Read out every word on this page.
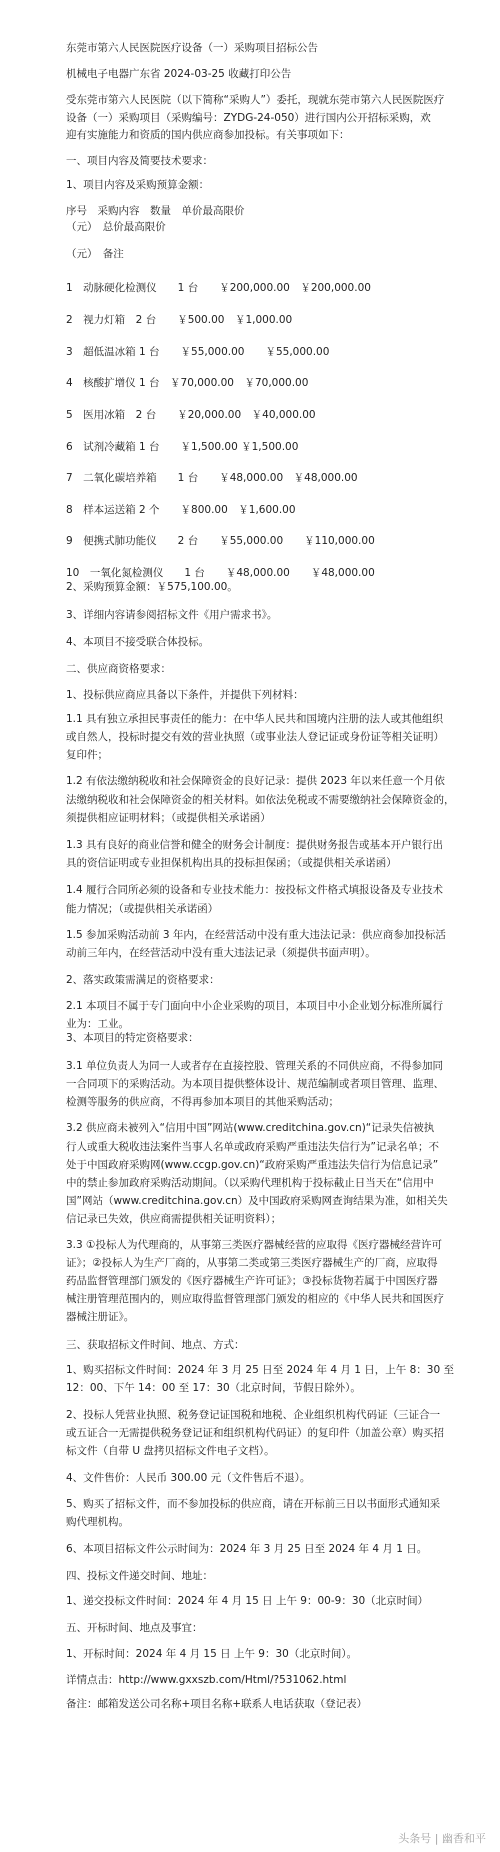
东莞市第六人民医院医疗设备（一）采购项目招标公告
机械电子电器广东省 2024-03-25 收藏打印公告
受东莞市第六人民医院（以下简称“采购人”）委托，现就东莞市第六人民医院医疗
设备（一）采购项目（采购编号：ZYDG-24-050）进行国内公开招标采购，欢
迎有实施能力和资质的国内供应商参加投标。有关事项如下：
一、项目内容及简要技术要求：
1、项目内容及采购预算金额：
序号　采购内容　数量　单价最高限价
（元）　总价最高限价
（元）　备注
1　动脉硬化检测仪　　1 台　　￥200,000.00　￥200,000.00
2　视力灯箱　2 台　　￥500.00　￥1,000.00
3　超低温冰箱 1 台　　￥55,000.00　　￥55,000.00
4　核酸扩增仪 1 台　￥70,000.00　￥70,000.00
5　医用冰箱　2 台　　￥20,000.00　￥40,000.00
6　试剂冷藏箱 1 台　　￥1,500.00 ￥1,500.00
7　二氧化碳培养箱　　1 台　　￥48,000.00　￥48,000.00
8　样本运送箱 2 个　　￥800.00　￥1,600.00
9　便携式肺功能仪　　2 台　　￥55,000.00　　￥110,000.00
10　一氧化氮检测仪　　1 台　　￥48,000.00　　￥48,000.00
2、采购预算金额：￥575,100.00。
3、详细内容请参阅招标文件《用户需求书》。
4、本项目不接受联合体投标。
二、供应商资格要求：
1、投标供应商应具备以下条件，并提供下列材料：
1.1 具有独立承担民事责任的能力：在中华人民共和国境内注册的法人或其他组织
或自然人，投标时提交有效的营业执照（或事业法人登记证或身份证等相关证明）
复印件；
1.2 有依法缴纳税收和社会保障资金的良好记录：提供 2023 年以来任意一个月依
法缴纳税收和社会保障资金的相关材料。如依法免税或不需要缴纳社会保障资金的，
须提供相应证明材料；（或提供相关承诺函）
1.3 具有良好的商业信誉和健全的财务会计制度：提供财务报告或基本开户银行出
具的资信证明或专业担保机构出具的投标担保函；（或提供相关承诺函）
1.4 履行合同所必须的设备和专业技术能力：按投标文件格式填报设备及专业技术
能力情况；（或提供相关承诺函）
1.5 参加采购活动前 3 年内，在经营活动中没有重大违法记录：供应商参加投标活
动前三年内，在经营活动中没有重大违法记录（须提供书面声明）。
2、落实政策需满足的资格要求：
2.1 本项目不属于专门面向中小企业采购的项目，本项目中小企业划分标准所属行
业为：工业。
3、本项目的特定资格要求：
3.1 单位负责人为同一人或者存在直接控股、管理关系的不同供应商，不得参加同
一合同项下的采购活动。为本项目提供整体设计、规范编制或者项目管理、监理、
检测等服务的供应商，不得再参加本项目的其他采购活动；
3.2 供应商未被列入“信用中国”网站(www.creditchina.gov.cn)“记录失信被执
行人或重大税收违法案件当事人名单或政府采购严重违法失信行为”记录名单；不
处于中国政府采购网(www.ccgp.gov.cn)“政府采购严重违法失信行为信息记录”
中的禁止参加政府采购活动期间。（以采购代理机构于投标截止日当天在“信用中
国”网站（www.creditchina.gov.cn）及中国政府采购网查询结果为准，如相关失
信记录已失效，供应商需提供相关证明资料）；
3.3 ①投标人为代理商的，从事第三类医疗器械经营的应取得《医疗器械经营许可
证》；②投标人为生产厂商的，从事第二类或第三类医疗器械生产的厂商，应取得
药品监督管理部门颁发的《医疗器械生产许可证》；③投标货物若属于中国医疗器
械注册管理范围内的，则应取得监督管理部门颁发的相应的《中华人民共和国医疗
器械注册证》。
三、获取招标文件时间、地点、方式：
1、购买招标文件时间：2024 年 3 月 25 日至 2024 年 4 月 1 日，上午 8：30 至
12：00、下午 14：00 至 17：30（北京时间，节假日除外）。
2、投标人凭营业执照、税务登记证国税和地税、企业组织机构代码证（三证合一
或五证合一无需提供税务登记证和组织机构代码证）的复印件（加盖公章）购买招
标文件（自带 U 盘拷贝招标文件电子文档）。
4、文件售价：人民币 300.00 元（文件售后不退）。
5、购买了招标文件，而不参加投标的供应商，请在开标前三日以书面形式通知采
购代理机构。
6、本项目招标文件公示时间为：2024 年 3 月 25 日至 2024 年 4 月 1 日。
四、投标文件递交时间、地址：
1、递交投标文件时间：2024 年 4 月 15 日 上午 9：00-9：30（北京时间）
五、开标时间、地点及事宜：
1、开标时间：2024 年 4 月 15 日 上午 9：30（北京时间）。
详情点击：http://www.gxxszb.com/Html/?531062.html
备注：邮箱发送公司名称+项目名称+联系人电话获取（登记表）
头条号 | 幽香和平
